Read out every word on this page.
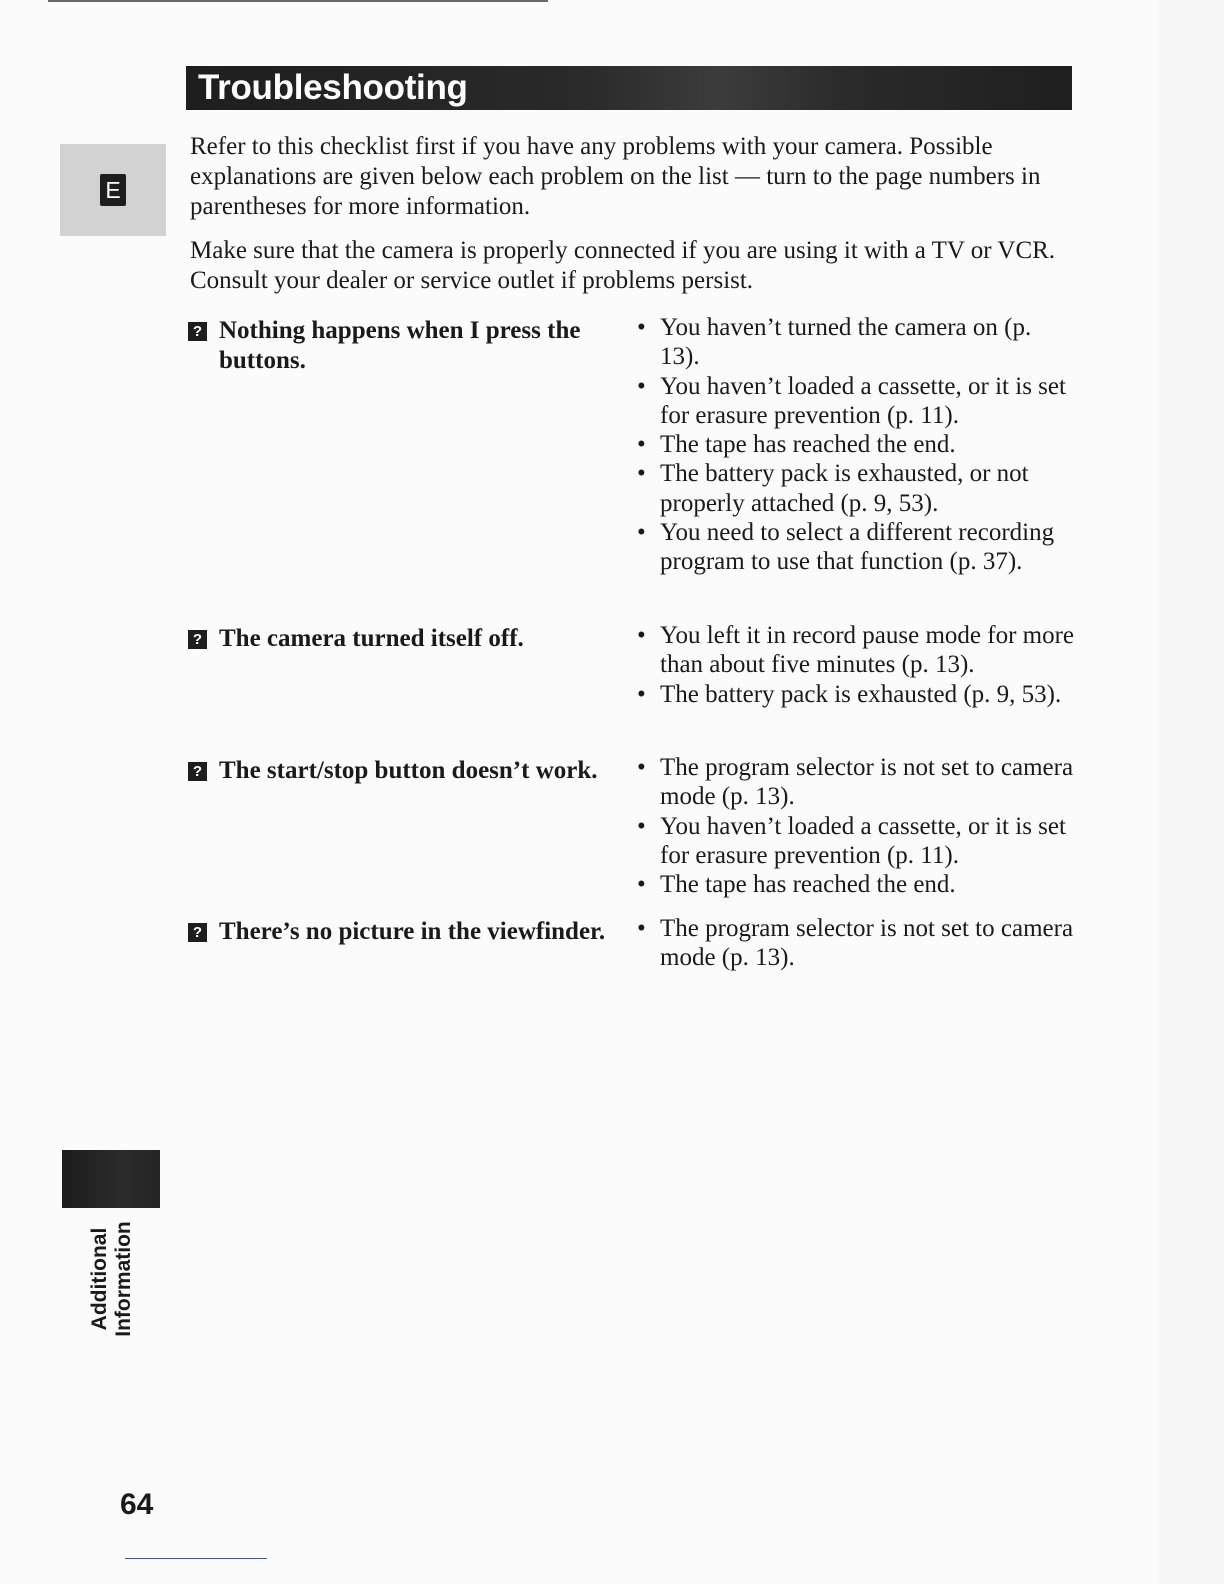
Troubleshooting
E

Refer to this checklist first if you have any problems with your camera. Possible explanations are given below each problem on the list — turn to the page numbers in parentheses for more information.

Make sure that the camera is properly connected if you are using it with a TV or VCR. Consult your dealer or service outlet if problems persist.

? Nothing happens when I press the buttons.
• You haven’t turned the camera on (p. 13).
• You haven’t loaded a cassette, or it is set for erasure prevention (p. 11).
• The tape has reached the end.
• The battery pack is exhausted, or not properly attached (p. 9, 53).
• You need to select a different recording program to use that function (p. 37).
? The camera turned itself off.	• You left it in record pause mode for more than about five minutes (p. 13).
• The battery pack is exhausted (p. 9, 53).
? The start/stop button doesn’t work.	• The program selector is not set to camera mode (p. 13).
• You haven’t loaded a cassette, or it is set for erasure prevention (p. 11).
• The tape has reached the end.
? There’s no picture in the viewfinder.	• The program selector is not set to camera mode (p. 13).
Additional Information
64
